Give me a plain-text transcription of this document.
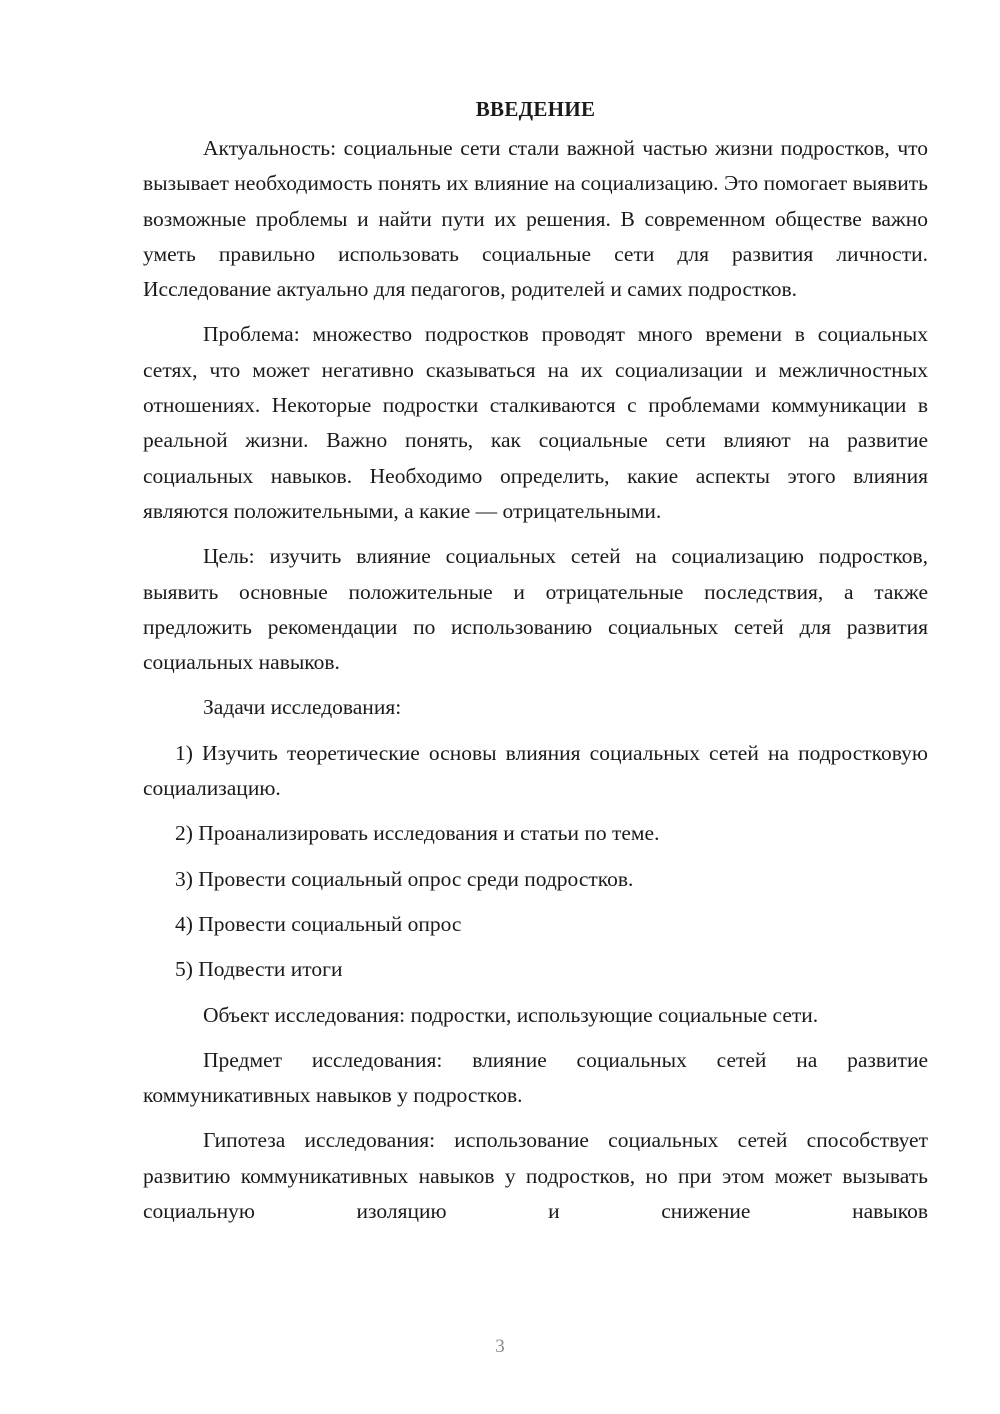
ВВЕДЕНИЕ

Актуальность: социальные сети стали важной частью жизни подростков, что вызывает необходимость понять их влияние на социализацию. Это помогает выявить возможные проблемы и найти пути их решения. В современном обществе важно уметь правильно использовать социальные сети для развития личности. Исследование актуально для педагогов, родителей и самих подростков.

Проблема: множество подростков проводят много времени в социальных сетях, что может негативно сказываться на их социализации и межличностных отношениях. Некоторые подростки сталкиваются с проблемами коммуникации в реальной жизни. Важно понять, как социальные сети влияют на развитие социальных навыков. Необходимо определить, какие аспекты этого влияния являются положительными, а какие — отрицательными.

Цель: изучить влияние социальных сетей на социализацию подростков, выявить основные положительные и отрицательные последствия, а также предложить рекомендации по использованию социальных сетей для развития социальных навыков.

Задачи исследования:

1) Изучить теоретические основы влияния социальных сетей на подростковую социализацию.

2) Проанализировать исследования и статьи по теме.

3) Провести социальный опрос среди подростков.

4) Провести социальный опрос

5) Подвести итоги

Объект исследования: подростки, использующие социальные сети.

Предмет исследования: влияние социальных сетей на развитие коммуникативных навыков у подростков.

Гипотеза исследования: использование социальных сетей способствует развитию коммуникативных навыков у подростков, но при этом может вызывать социальную изоляцию и снижение навыков

3
